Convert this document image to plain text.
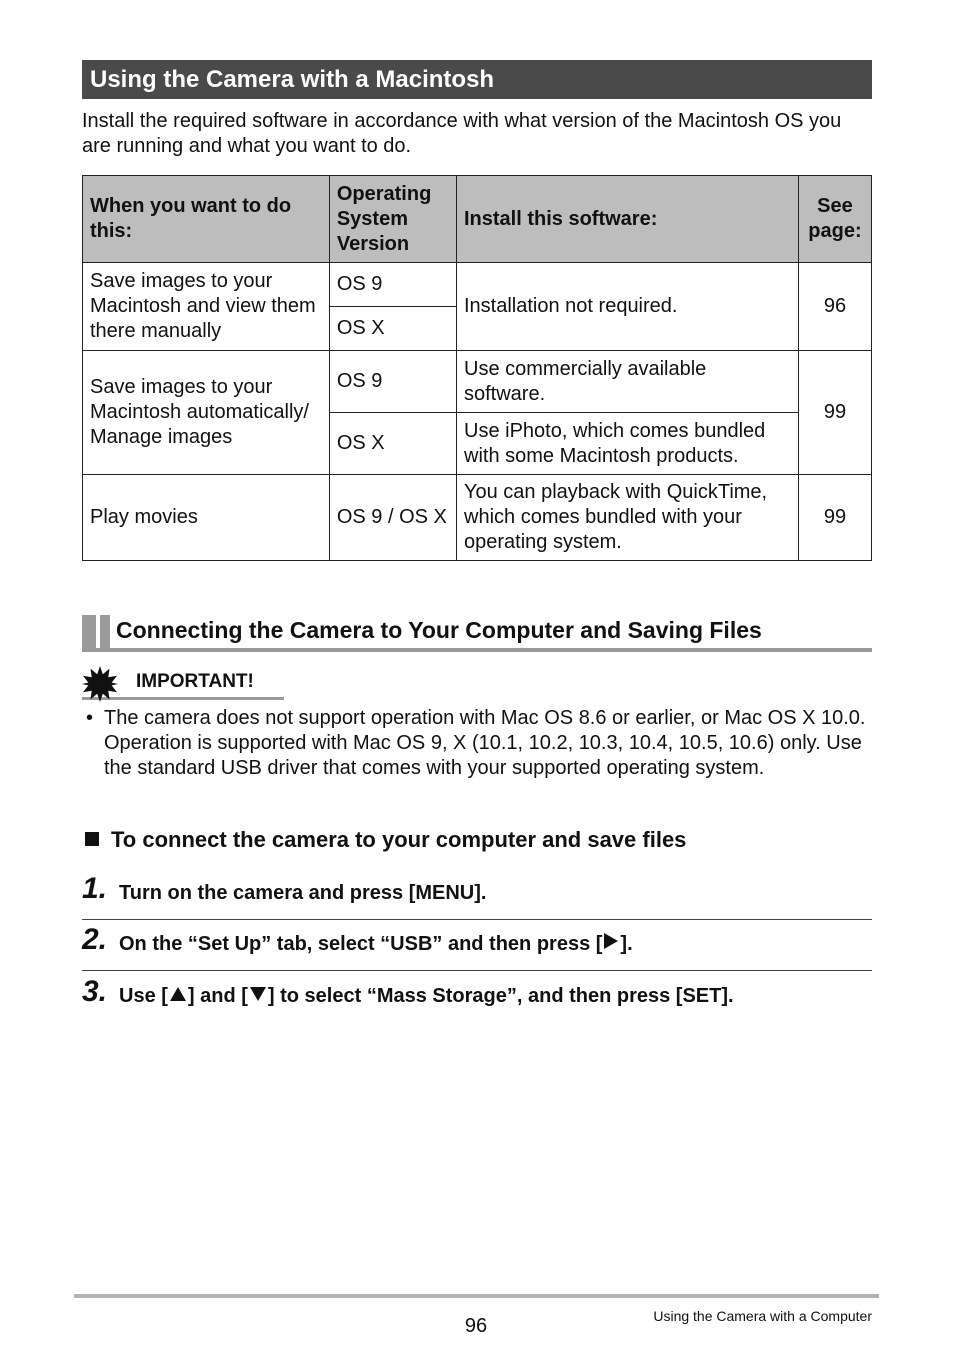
Using the Camera with a Macintosh
Install the required software in accordance with what version of the Macintosh OS you are running and what you want to do.
When you want to do this:	Operating System Version	Install this software:	See page:
Save images to your Macintosh and view them there manually	OS 9	Installation not required.	96
	OS X		
Save images to your Macintosh automatically/ Manage images	OS 9	Use commercially available software.	99
	OS X	Use iPhoto, which comes bundled with some Macintosh products.	
Play movies	OS 9 / OS X	You can playback with QuickTime, which comes bundled with your operating system.	99
Connecting the Camera to Your Computer and Saving Files
IMPORTANT!
• The camera does not support operation with Mac OS 8.6 or earlier, or Mac OS X 10.0. Operation is supported with Mac OS 9, X (10.1, 10.2, 10.3, 10.4, 10.5, 10.6) only. Use the standard USB driver that comes with your supported operating system.
To connect the camera to your computer and save files
1. Turn on the camera and press [MENU].
2. On the “Set Up” tab, select “USB” and then press [ ].
3. Use [ ] and [ ] to select “Mass Storage”, and then press [SET].
96	Using the Camera with a Computer
